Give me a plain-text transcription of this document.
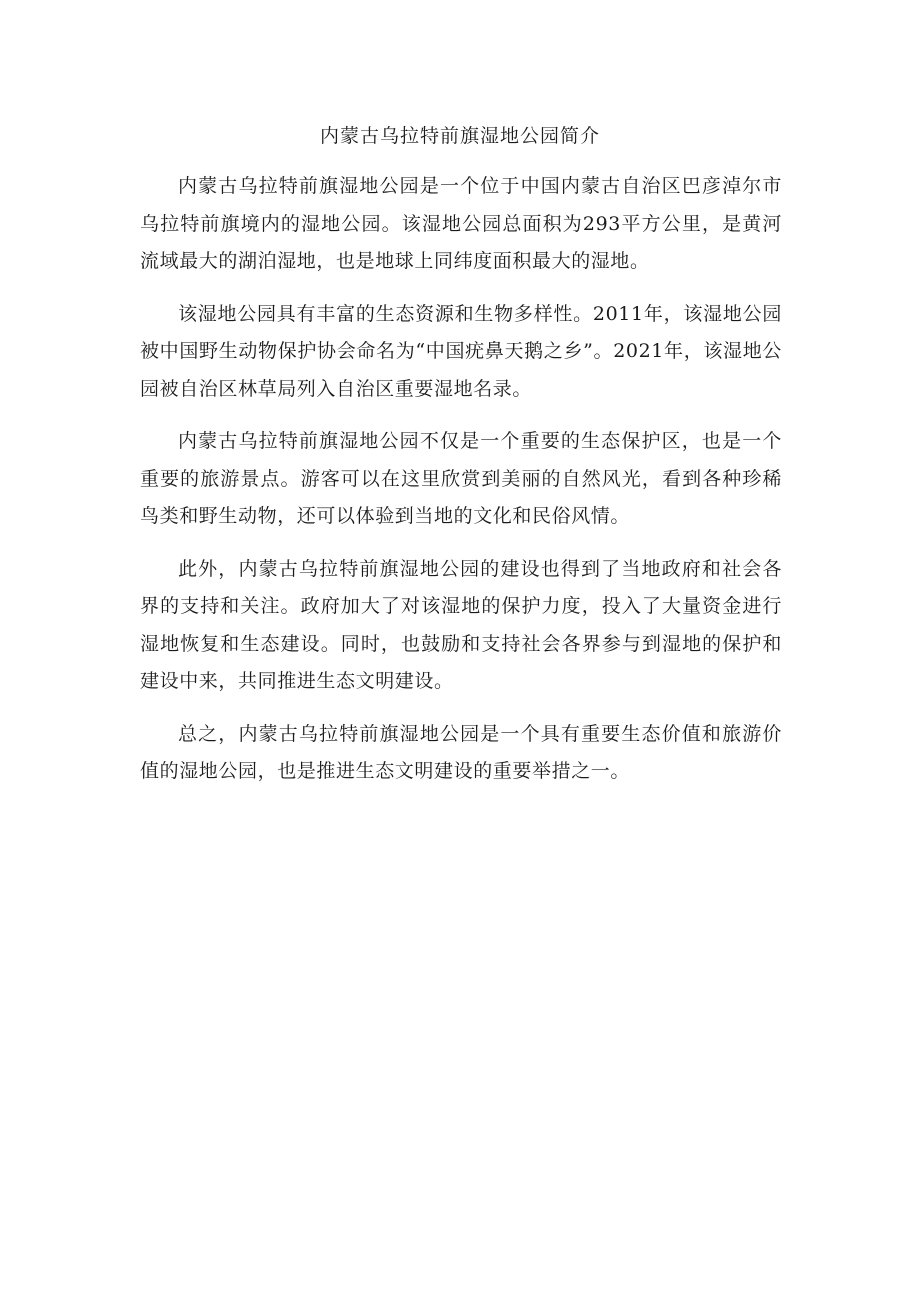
内蒙古乌拉特前旗湿地公园简介

内蒙古乌拉特前旗湿地公园是一个位于中国内蒙古自治区巴彦淖尔市乌拉特前旗境内的湿地公园。该湿地公园总面积为293平方公里，是黄河流域最大的湖泊湿地，也是地球上同纬度面积最大的湿地。

该湿地公园具有丰富的生态资源和生物多样性。2011年，该湿地公园被中国野生动物保护协会命名为“中国疣鼻天鹅之乡”。2021年，该湿地公园被自治区林草局列入自治区重要湿地名录。

内蒙古乌拉特前旗湿地公园不仅是一个重要的生态保护区，也是一个重要的旅游景点。游客可以在这里欣赏到美丽的自然风光，看到各种珍稀鸟类和野生动物，还可以体验到当地的文化和民俗风情。

此外，内蒙古乌拉特前旗湿地公园的建设也得到了当地政府和社会各界的支持和关注。政府加大了对该湿地的保护力度，投入了大量资金进行湿地恢复和生态建设。同时，也鼓励和支持社会各界参与到湿地的保护和建设中来，共同推进生态文明建设。

总之，内蒙古乌拉特前旗湿地公园是一个具有重要生态价值和旅游价值的湿地公园，也是推进生态文明建设的重要举措之一。
